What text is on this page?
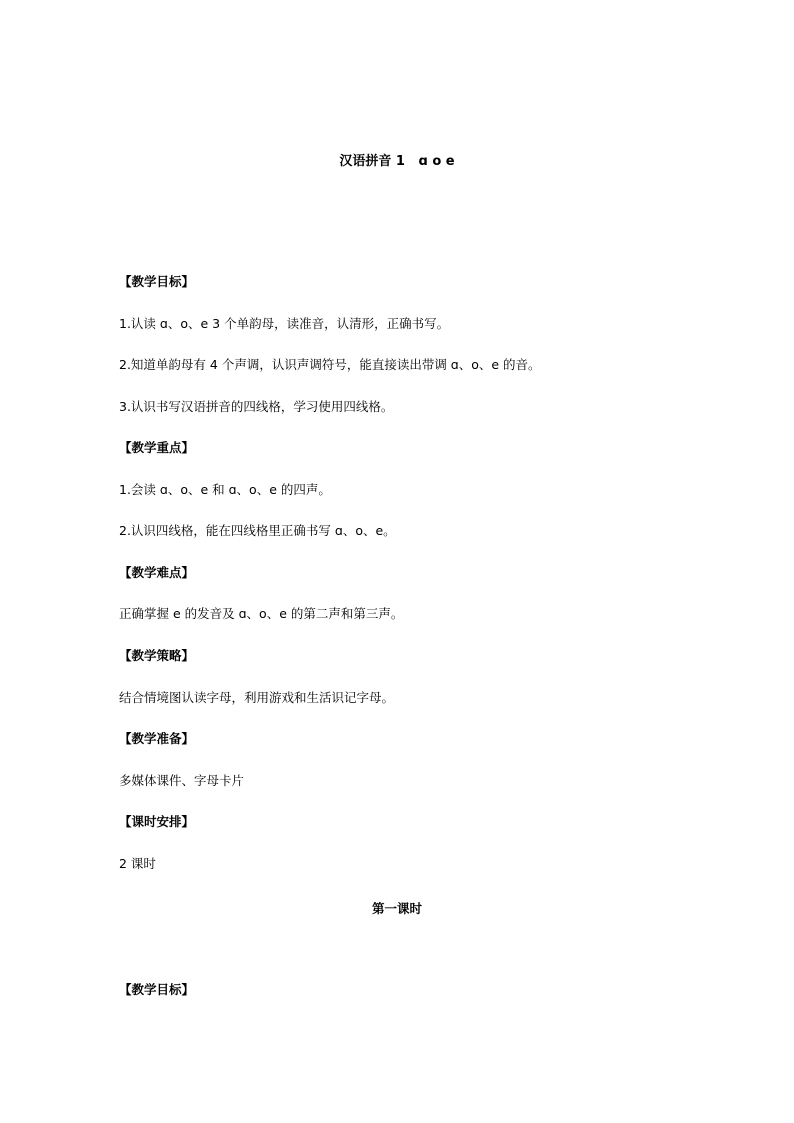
汉语拼音 1   ɑ o e
【教学目标】
1.认读 ɑ、o、e 3 个单韵母，读准音，认清形，正确书写。
2.知道单韵母有 4 个声调，认识声调符号，能直接读出带调 ɑ、o、e 的音。
3.认识书写汉语拼音的四线格，学习使用四线格。
【教学重点】
1.会读 ɑ、o、e 和 ɑ、o、e 的四声。
2.认识四线格，能在四线格里正确书写 ɑ、o、e。
【教学难点】
正确掌握 e 的发音及 ɑ、o、e 的第二声和第三声。
【教学策略】
结合情境图认读字母，利用游戏和生活识记字母。
【教学准备】
多媒体课件、字母卡片
【课时安排】
2 课时
第一课时
【教学目标】
